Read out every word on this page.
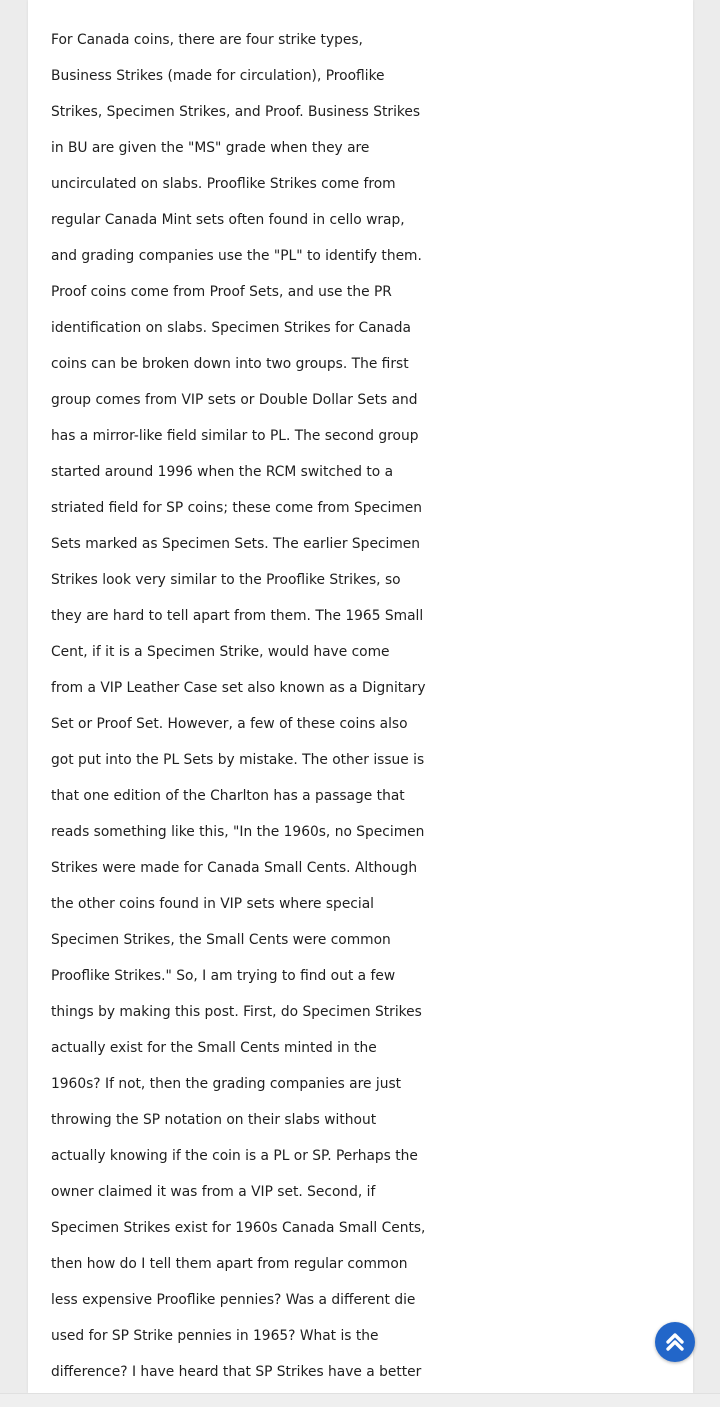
For Canada coins, there are four strike types,
Business Strikes (made for circulation), Prooflike
Strikes, Specimen Strikes, and Proof. Business Strikes
in BU are given the "MS" grade when they are
uncirculated on slabs. Prooflike Strikes come from
regular Canada Mint sets often found in cello wrap,
and grading companies use the "PL" to identify them.
Proof coins come from Proof Sets, and use the PR
identification on slabs. Specimen Strikes for Canada
coins can be broken down into two groups. The first
group comes from VIP sets or Double Dollar Sets and
has a mirror-like field similar to PL. The second group
started around 1996 when the RCM switched to a
striated field for SP coins; these come from Specimen
Sets marked as Specimen Sets. The earlier Specimen
Strikes look very similar to the Prooflike Strikes, so
they are hard to tell apart from them. The 1965 Small
Cent, if it is a Specimen Strike, would have come
from a VIP Leather Case set also known as a Dignitary
Set or Proof Set. However, a few of these coins also
got put into the PL Sets by mistake. The other issue is
that one edition of the Charlton has a passage that
reads something like this, "In the 1960s, no Specimen
Strikes were made for Canada Small Cents. Although
the other coins found in VIP sets where special
Specimen Strikes, the Small Cents were common
Prooflike Strikes." So, I am trying to find out a few
things by making this post. First, do Specimen Strikes
actually exist for the Small Cents minted in the
1960s? If not, then the grading companies are just
throwing the SP notation on their slabs without
actually knowing if the coin is a PL or SP. Perhaps the
owner claimed it was from a VIP set. Second, if
Specimen Strikes exist for 1960s Canada Small Cents,
then how do I tell them apart from regular common
less expensive Prooflike pennies? Was a different die
used for SP Strike pennies in 1965? What is the
difference? I have heard that SP Strikes have a better
